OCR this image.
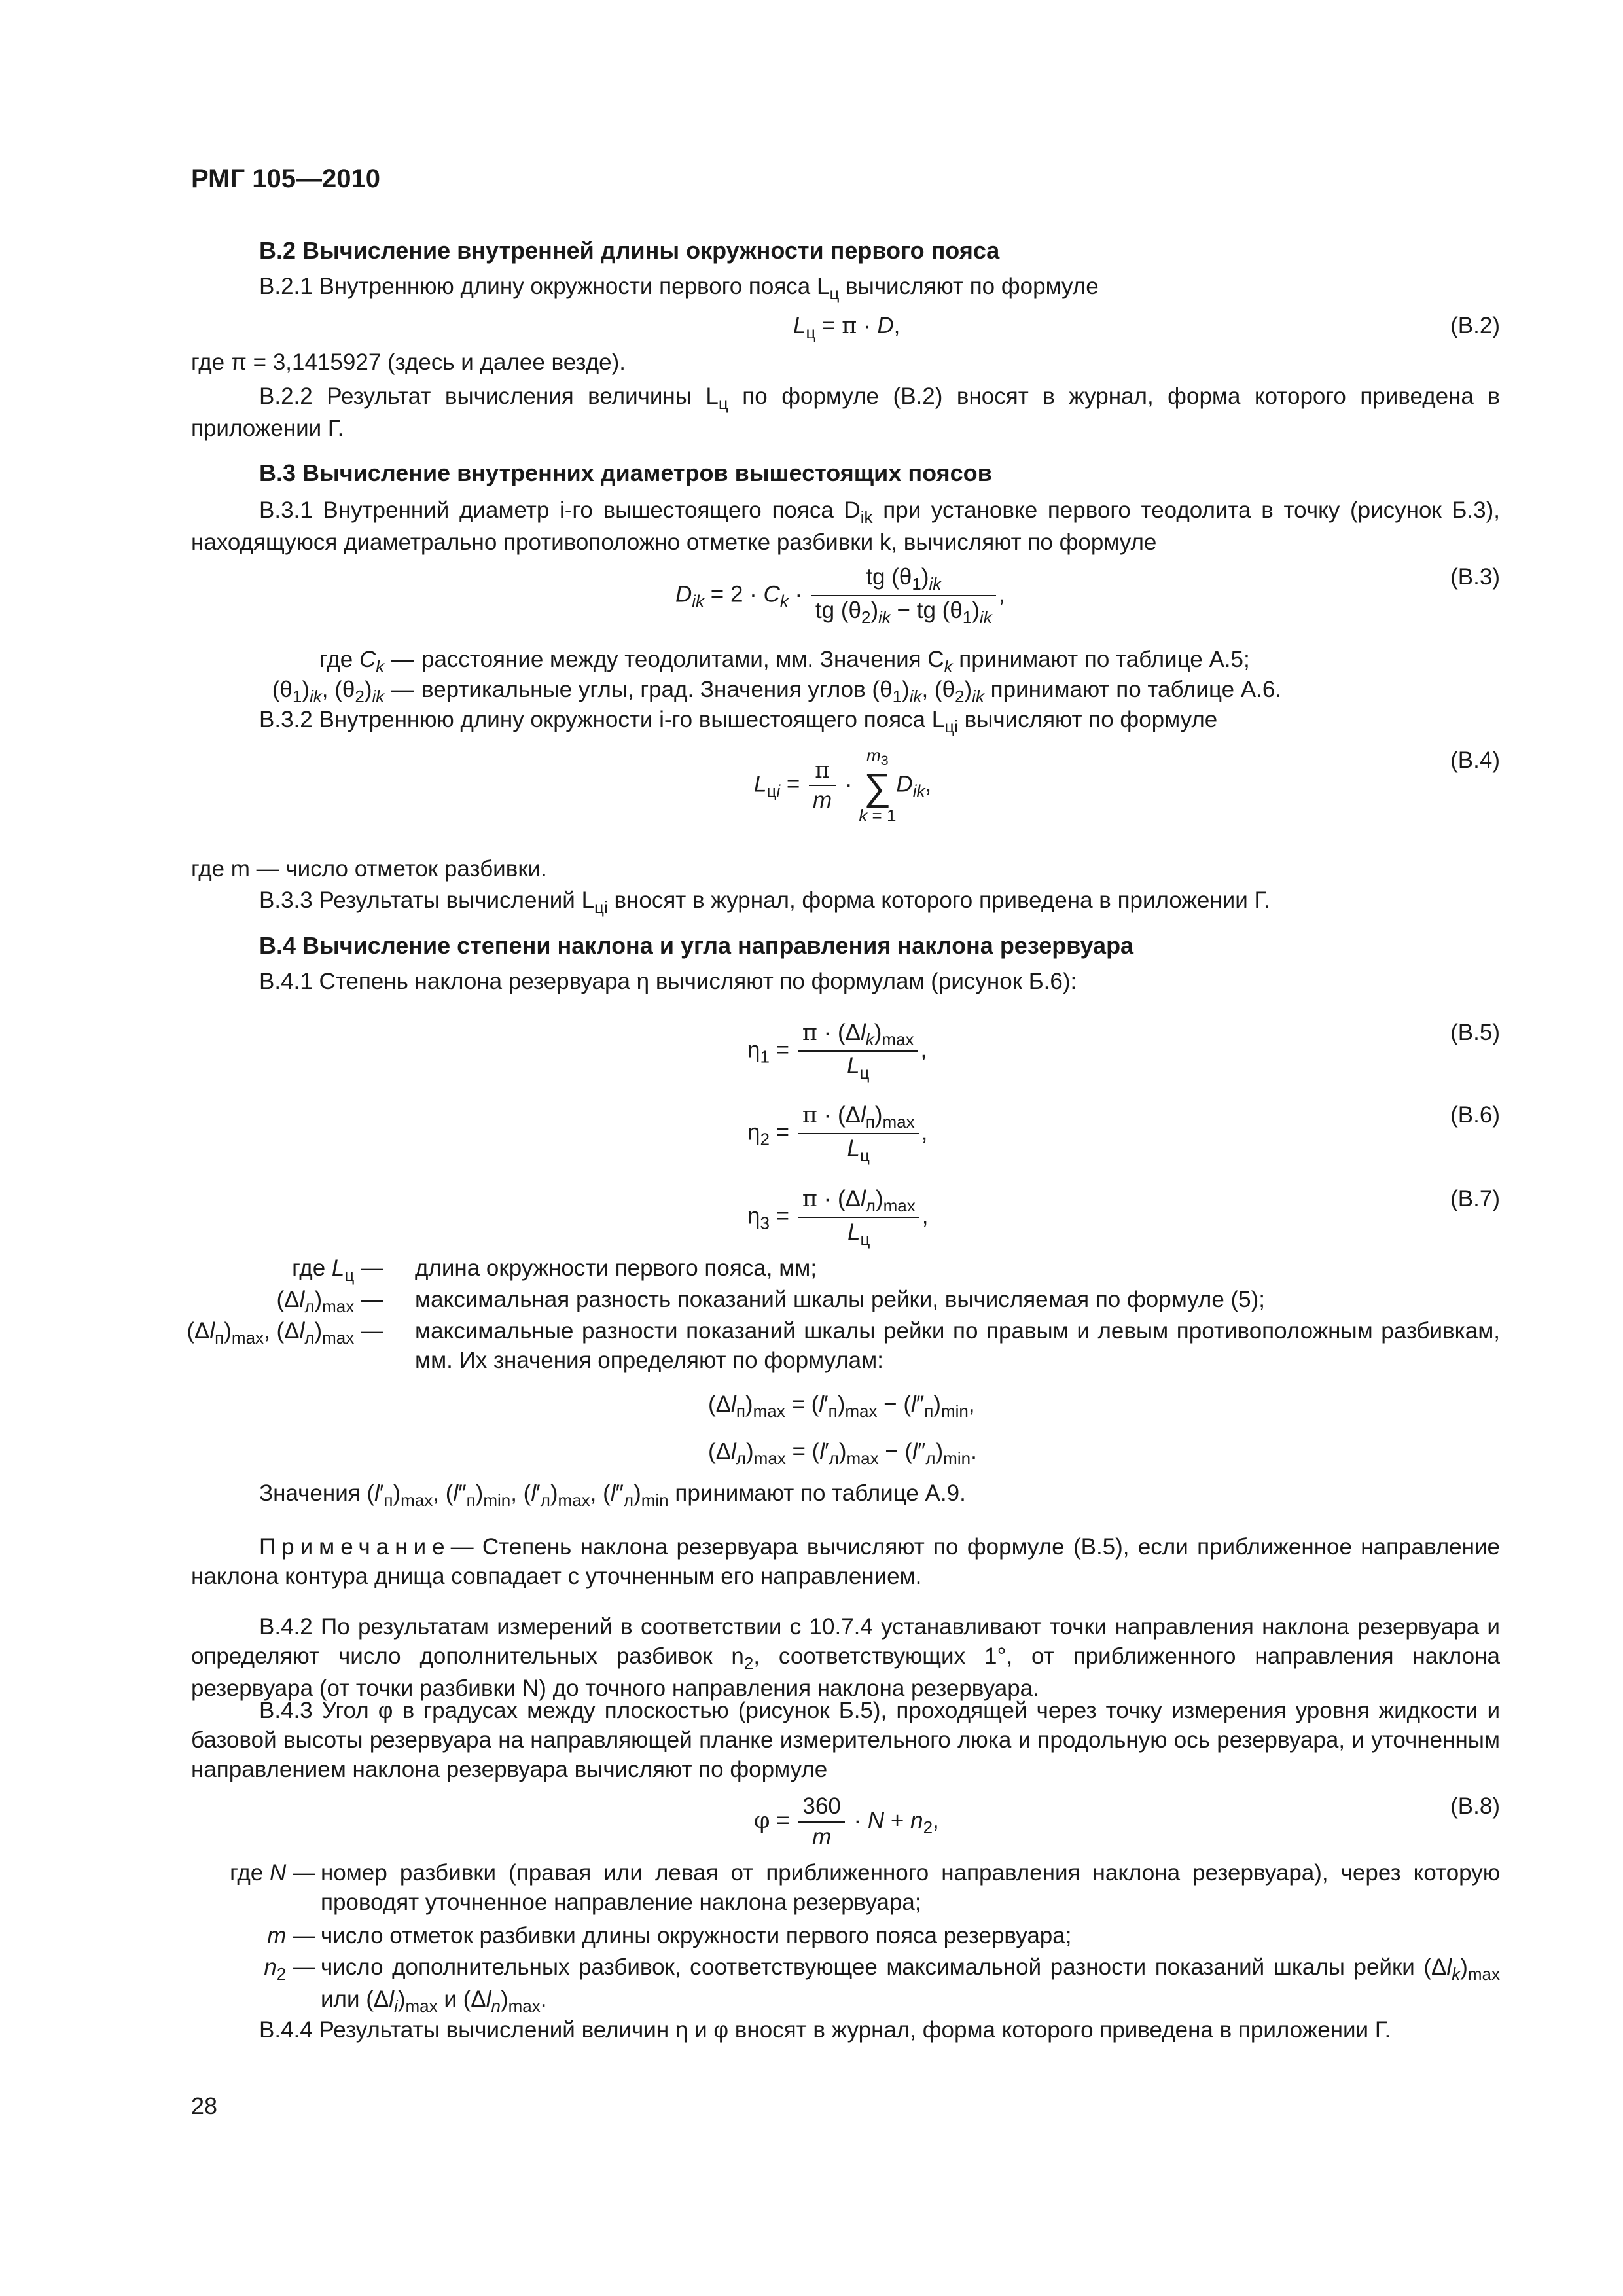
РМГ 105—2010
В.2 Вычисление внутренней длины окружности первого пояса
В.2.1 Внутреннюю длину окружности первого пояса $L_ц$ вычисляют по формуле
$L_ц = \pi \cdot D$,	(В.2)
где π = 3,1415927 (здесь и далее везде).
В.2.2 Результат вычисления величины $L_ц$ по формуле (В.2) вносят в журнал, форма которого приведена в приложении Г.
В.3 Вычисление внутренних диаметров вышестоящих поясов
В.3.1 Внутренний диаметр i-го вышестоящего пояса $D_{ik}$ при установке первого теодолита в точку (рисунок Б.3), находящуюся диаметрально противоположно отметке разбивки k, вычисляют по формуле
$D_{ik} = 2 \cdot C_k \cdot \frac{tg (\theta_1)_{ik}}{tg (\theta_2)_{ik} - tg (\theta_1)_{ik}}$ ,
(В.3)
где $C_k$ — расстояние между теодолитами, мм. Значения $C_k$ принимают по таблице А.5;
$(\theta_1)_{ik}$, $(\theta_2)_{ik}$ — вертикальные углы, град. Значения углов $(\theta_1)_{ik}$, $(\theta_2)_{ik}$ принимают по таблице А.6.
В.3.2 Внутреннюю длину окружности i-го вышестоящего пояса $L_{цi}$ вычисляют по формуле
$L_{цi} = \frac{\pi}{m} \cdot m_3$
∑
$k = 1D_{ik}$,
(В.4)
где m — число отметок разбивки.
В.3.3 Результаты вычислений $L_{цi}$ вносят в журнал, форма которого приведена в приложении Г.
В.4 Вычисление степени наклона и угла направления наклона резервуара
В.4.1 Степень наклона резервуара η вычисляют по формулам (рисунок Б.6):
$\eta_1 = \frac{\pi \cdot (\Delta l_k)_{max}}{L_ц}$ ,
(В.5)
$\eta_2 = \frac{\pi \cdot (\Delta l_п)_{max}}{L_ц}$ ,
(В.6)
$\eta_3 = \frac{\pi \cdot (\Delta l_л)_{max}}{L_ц}$ ,
(В.7)
где $L_ц$ — длина окружности первого пояса, мм;
$(\Delta l_л)_{max}$ — максимальная разность показаний шкалы рейки, вычисляемая по формуле (5);
$(\Delta l_п)_{max}$, $(\Delta l_л)_{max}$ — максимальные разности показаний шкалы рейки по правым и левым противоположным разбивкам, мм. Их значения определяют по формулам:
$(\Delta l_п)_{max} = (l'_п)_{max} - (l''_п)_{min}$,
$(\Delta l_л)_{max} = (l'_л)_{max} - (l''_л)_{min}$.
Значения $(l'_п)_{max}$, $(l''_п)_{min}$, $(l'_л)_{max}$, $(l''_л)_{min}$ принимают по таблице А.9.
Примечание— Степень наклона резервуара вычисляют по формуле (В.5), если приближенное направление наклона контура днища совпадает с уточненным его направлением.
В.4.2 По результатам измерений в соответствии с 10.7.4 устанавливают точки направления наклона резервуара и определяют число дополнительных разбивок $n_2$, соответствующих 1°, от приближенного направления наклона резервуара (от точки разбивки N) до точного направления наклона резервуара.
В.4.3 Угол φ в градусах между плоскостью (рисунок Б.5), проходящей через точку измерения уровня жидкости и базовой высоты резервуара на направляющей планке измерительного люка и продольную ось резервуара, и уточненным направлением наклона резервуара вычисляют по формуле
$\varphi = \frac{360}{m} \cdot N + n_2$,
(В.8)
где N — номер разбивки (правая или левая от приближенного направления наклона резервуара), через которую проводят уточненное направление наклона резервуара;
m — число отметок разбивки длины окружности первого пояса резервуара;
$n_2$ — число дополнительных разбивок, соответствующее максимальной разности показаний шкалы рейки $(\Delta l_k)_{max}$ или $(\Delta l_i)_{max}$ и $(\Delta l_n)_{max}$.
В.4.4 Результаты вычислений величин η и φ вносят в журнал, форма которого приведена в приложении Г.
28
